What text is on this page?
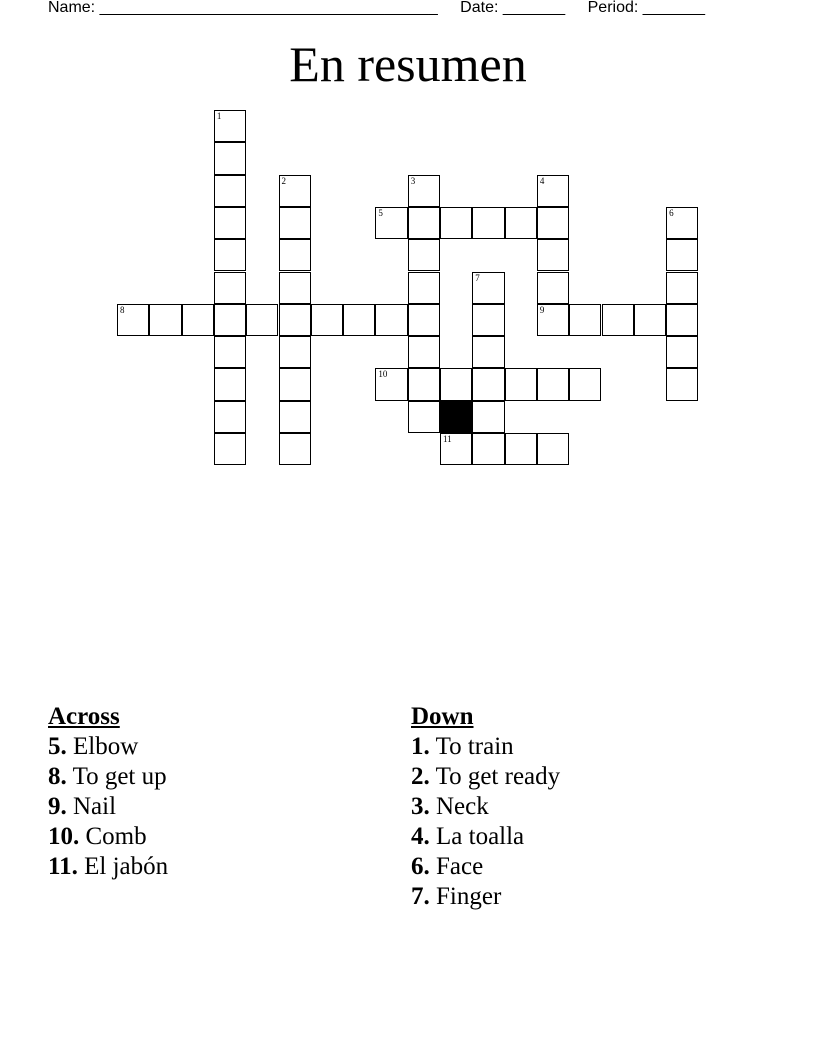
Name: ______________________________________ Date: _______ Period: _______
En resumen
1
2	3	4
9
5	6
7
8
10
11
Across
5. Elbow
8. To get up
9. Nail
10. Comb
11. El jabón
Down
1. To train
2. To get ready
3. Neck
4. La toalla
6. Face
7. Finger
